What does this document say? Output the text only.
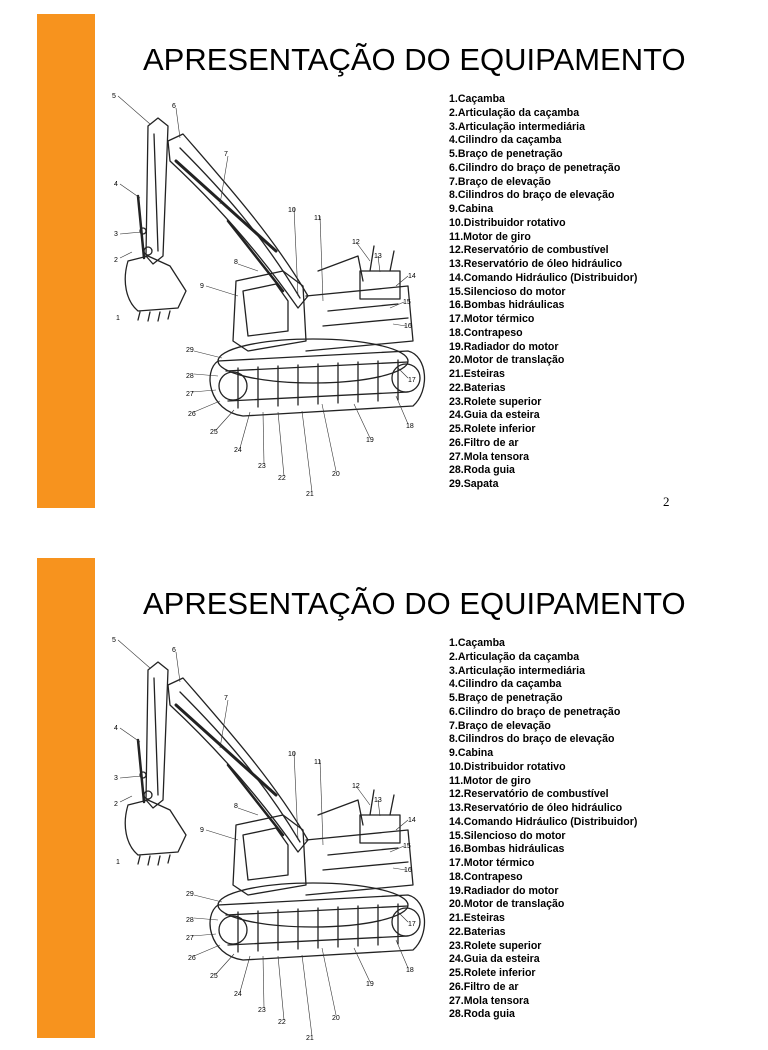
APRESENTAÇÃO DO EQUIPAMENTO
1
2
3
4
5
6
7
8
9
10
11
12
13
14
15
16
17
18
19
20
21
22
23
24
25
26
27
28
29
1.Caçamba
2.Articulação da caçamba
3.Articulação intermediária
4.Cilindro da caçamba
5.Braço de penetração
6.Cilindro do braço de penetração
7.Braço de elevação
8.Cilindros do braço de elevação
9.Cabina
10.Distribuidor rotativo
11.Motor de giro
12.Reservatório de combustível
13.Reservatório de óleo hidráulico
14.Comando Hidráulico (Distribuidor)
15.Silencioso do motor
16.Bombas hidráulicas
17.Motor térmico
18.Contrapeso
19.Radiador do motor
20.Motor de translação
21.Esteiras
22.Baterias
23.Rolete superior
24.Guia da esteira
25.Rolete inferior
26.Filtro de ar
27.Mola tensora
28.Roda guia
29.Sapata
2
APRESENTAÇÃO DO EQUIPAMENTO
1
2
3
4
5
6
7
8
9
10
11
12
13
14
15
16
17
18
19
20
21
22
23
24
25
26
27
28
29
1.Caçamba
2.Articulação da caçamba
3.Articulação intermediária
4.Cilindro da caçamba
5.Braço de penetração
6.Cilindro do braço de penetração
7.Braço de elevação
8.Cilindros do braço de elevação
9.Cabina
10.Distribuidor rotativo
11.Motor de giro
12.Reservatório de combustível
13.Reservatório de óleo hidráulico
14.Comando Hidráulico (Distribuidor)
15.Silencioso do motor
16.Bombas hidráulicas
17.Motor térmico
18.Contrapeso
19.Radiador do motor
20.Motor de translação
21.Esteiras
22.Baterias
23.Rolete superior
24.Guia da esteira
25.Rolete inferior
26.Filtro de ar
27.Mola tensora
28.Roda guia
